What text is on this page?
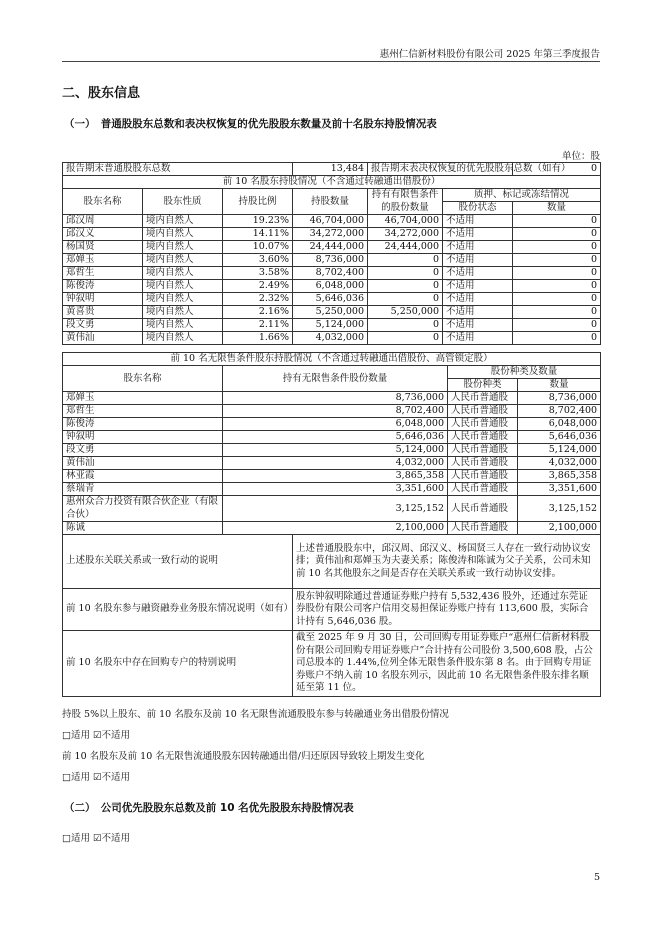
惠州仁信新材料股份有限公司 2025 年第三季度报告
二、股东信息
（一）　普通股股东总数和表决权恢复的优先股股东数量及前十名股东持股情况表
单位：股
报告期末普通股股东总数			13,484	报告期末表决权恢复的优先股股东总数（如有）		0
前 10 名股东持股情况（不含通过转融通出借股份）						
股东名称	股东性质	持股比例	持股数量	持有有限售条件的股份数量	质押、标记或冻结情况	
					股份状态	数量
邱汉周	境内自然人	19.23%	46,704,000	46,704,000	不适用	0
邱汉义	境内自然人	14.11%	34,272,000	34,272,000	不适用	0
杨国贤	境内自然人	10.07%	24,444,000	24,444,000	不适用	0
郑婵玉	境内自然人	3.60%	8,736,000	0	不适用	0
郑哲生	境内自然人	3.58%	8,702,400	0	不适用	0
陈俊涛	境内自然人	2.49%	6,048,000	0	不适用	0
钟叙明	境内自然人	2.32%	5,646,036	0	不适用	0
黄喜贵	境内自然人	2.16%	5,250,000	5,250,000	不适用	0
段文勇	境内自然人	2.11%	5,124,000	0	不适用	0
黄伟汕	境内自然人	1.66%	4,032,000	0	不适用	0
前 10 名无限售条件股东持股情况（不含通过转融通出借股份、高管锁定股）				
股东名称	持有无限售条件股份数量		股份种类及数量	
			股份种类	数量
郑婵玉	8,736,000		人民币普通股	8,736,000
郑哲生	8,702,400		人民币普通股	8,702,400
陈俊涛	6,048,000		人民币普通股	6,048,000
钟叙明	5,646,036		人民币普通股	5,646,036
段文勇	5,124,000		人民币普通股	5,124,000
黄伟汕	4,032,000		人民币普通股	4,032,000
林亚霞	3,865,358		人民币普通股	3,865,358
蔡瑞青	3,351,600		人民币普通股	3,351,600
惠州众合力投资有限合伙企业（有限合伙）	3,125,152		人民币普通股	3,125,152
陈诚	2,100,000		人民币普通股	2,100,000
上述股东关联关系或一致行动的说明		上述普通股股东中，邱汉周、邱汉义、杨国贤三人存在一致行动协议安排；黄伟汕和郑婵玉为夫妻关系；陈俊涛和陈诚为父子关系，公司未知前 10 名其他股东之间是否存在关联关系或一致行动协议安排。		
前 10 名股东参与融资融券业务股东情况说明（如有）		股东钟叙明除通过普通证券账户持有 5,532,436 股外，还通过东莞证券股份有限公司客户信用交易担保证券账户持有 113,600 股，实际合计持有 5,646,036 股。		
前 10 名股东中存在回购专户的特别说明		截至 2025 年 9 月 30 日，公司回购专用证券账户“惠州仁信新材料股份有限公司回购专用证券账户”合计持有公司股份 3,500,608 股，占公司总股本的 1.44%,位列全体无限售条件股东第 8 名。由于回购专用证券账户不纳入前 10 名股东列示，因此前 10 名无限售条件股东排名顺延至第 11 位。		
持股 5%以上股东、前 10 名股东及前 10 名无限售流通股股东参与转融通业务出借股份情况
□适用 ☑不适用
前 10 名股东及前 10 名无限售流通股股东因转融通出借/归还原因导致较上期发生变化
□适用 ☑不适用
（二）　公司优先股股东总数及前 10 名优先股股东持股情况表
□适用 ☑不适用
5
